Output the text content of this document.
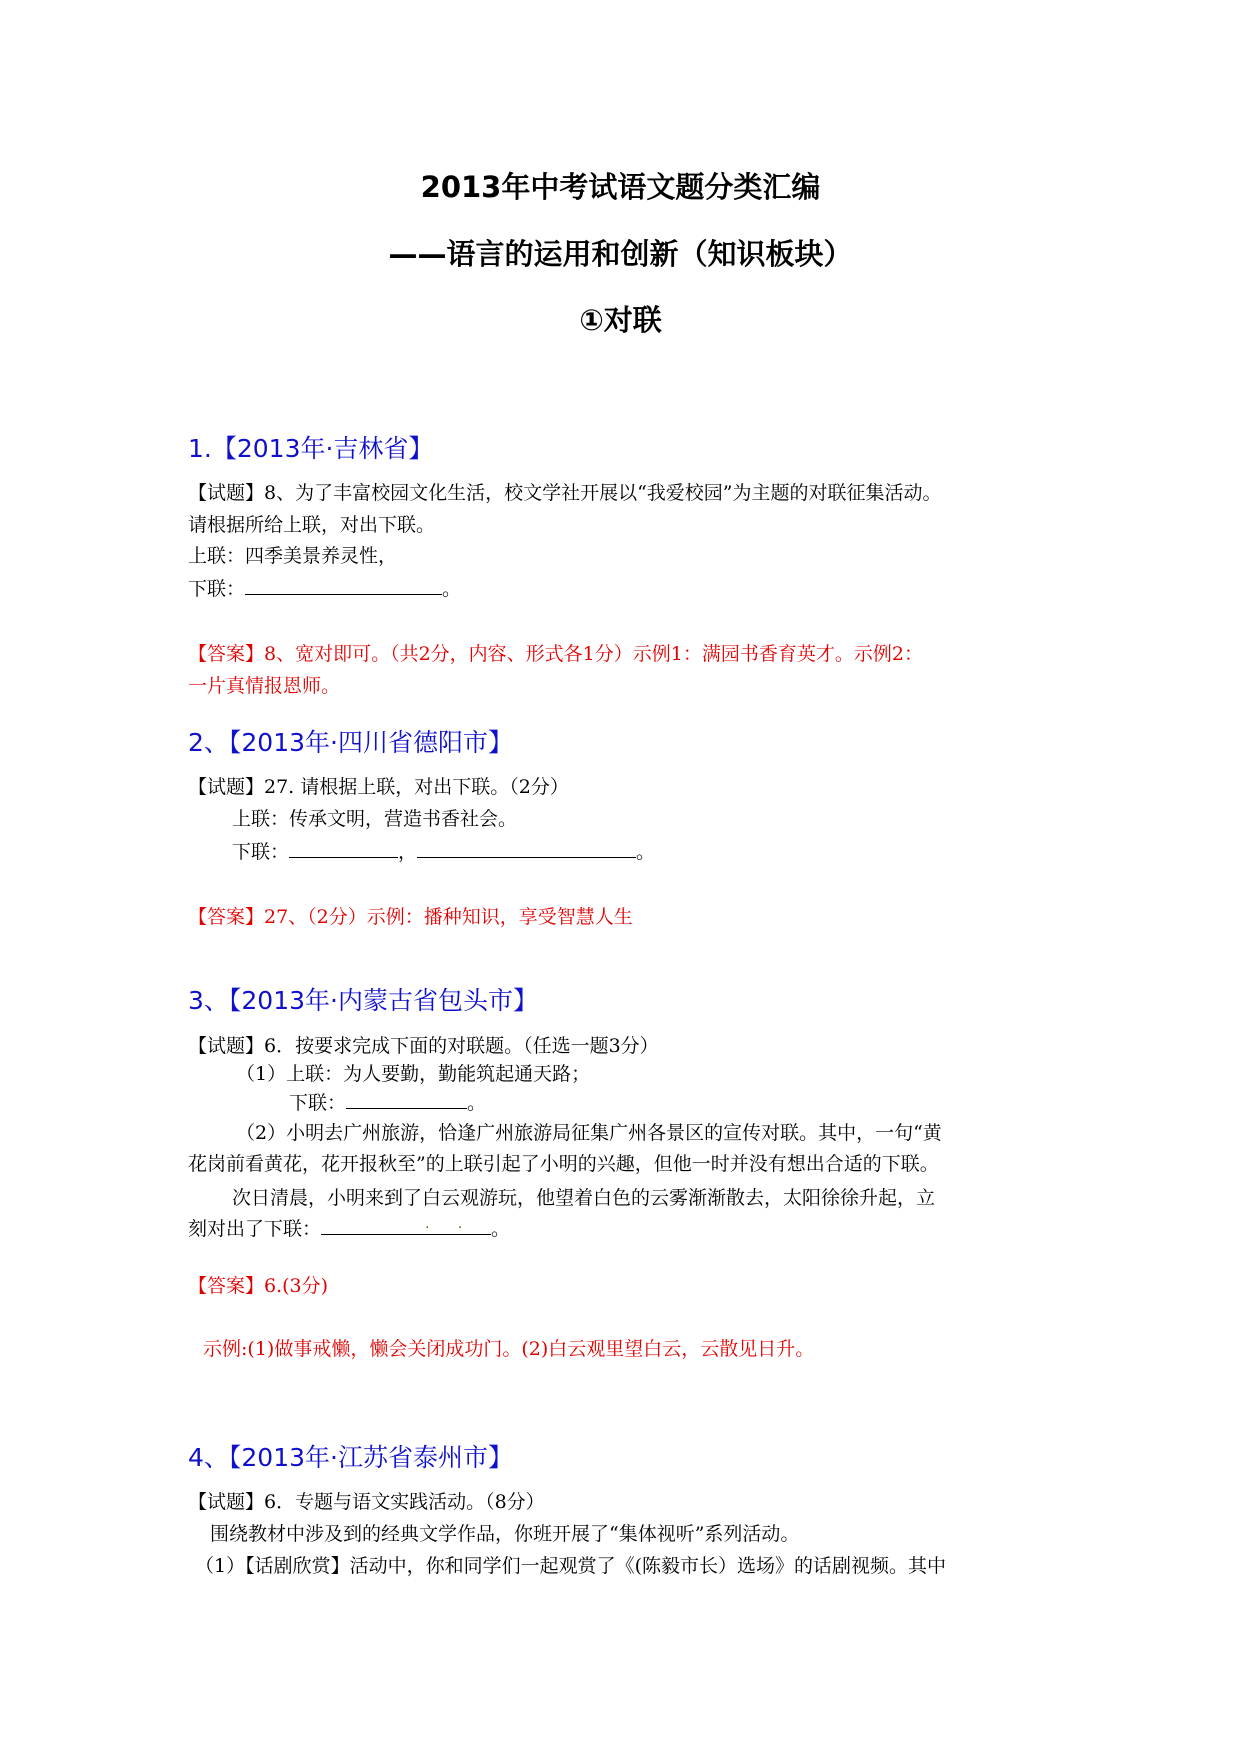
2013年中考试语文题分类汇编
——语言的运用和创新（知识板块）
①对联
1.【2013年·吉林省】
【试题】8、为了丰富校园文化生活，校文学社开展以“我爱校园”为主题的对联征集活动。
请根据所给上联，对出下联。
上联：四季美景养灵性，
下联：	。
【答案】8、宽对即可。（共2分，内容、形式各1分）示例1：满园书香育英才。示例2：
一片真情报恩师。
2、【2013年·四川省德阳市】
【试题】27. 请根据上联，对出下联。（2分）
上联：传承文明，营造书香社会。
下联：	，	。
【答案】27、（2分）示例：播种知识，享受智慧人生
3、【2013年·内蒙古省包头市】
【试题】6．按要求完成下面的对联题。（任选一题3分）
（1）上联：为人要勤，勤能筑起通天路；
下联：	。
（2）小明去广州旅游，恰逢广州旅游局征集广州各景区的宣传对联。其中，一句“黄
花岗前看黄花，花开报秋至”的上联引起了小明的兴趣，但他一时并没有想出合适的下联。
次日清晨，小明来到了白云观游玩，他望着白色的云雾渐渐散去，太阳徐徐升起，立
刻对出了下联：	。
. .
【答案】6.(3分)
示例:(1)做事戒懒，懒会关闭成功门。(2)白云观里望白云，云散见日升。
4、【2013年·江苏省泰州市】
【试题】6．专题与语文实践活动。（8分）
围绕教材中涉及到的经典文学作品，你班开展了“集体视听”系列活动。
（1）【话剧欣赏】活动中，你和同学们一起观赏了《(陈毅市长）选场》的话剧视频。其中
